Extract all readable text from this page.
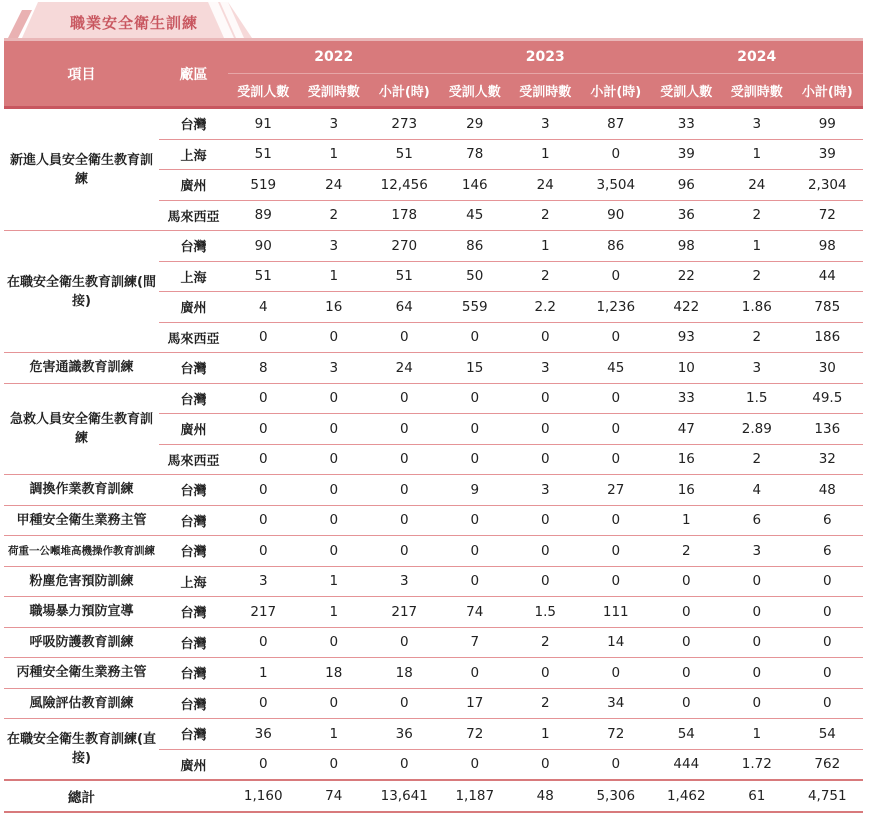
職業安全衛生訓練
項目	廠區	2022			2023			2024		
		受訓人數	受訓時數	小計(時)	受訓人數	受訓時數	小計(時)	受訓人數	受訓時數	小計(時)
新進人員安全衛生教育訓練	台灣	91	3	273	29	3	87	33	3	99
	上海	51	1	51	78	1	0	39	1	39
	廣州	519	24	12,456	146	24	3,504	96	24	2,304
	馬來西亞	89	2	178	45	2	90	36	2	72
在職安全衛生教育訓練(間接)	台灣	90	3	270	86	1	86	98	1	98
	上海	51	1	51	50	2	0	22	2	44
	廣州	4	16	64	559	2.2	1,236	422	1.86	785
	馬來西亞	0	0	0	0	0	0	93	2	186
危害通識教育訓練	台灣	8	3	24	15	3	45	10	3	30
急救人員安全衛生教育訓練	台灣	0	0	0	0	0	0	33	1.5	49.5
	廣州	0	0	0	0	0	0	47	2.89	136
	馬來西亞	0	0	0	0	0	0	16	2	32
調換作業教育訓練	台灣	0	0	0	9	3	27	16	4	48
甲種安全衛生業務主管	台灣	0	0	0	0	0	0	1	6	6
荷重一公噸堆高機操作教育訓練	台灣	0	0	0	0	0	0	2	3	6
粉塵危害預防訓練	上海	3	1	3	0	0	0	0	0	0
職場暴力預防宣導	台灣	217	1	217	74	1.5	111	0	0	0
呼吸防護教育訓練	台灣	0	0	0	7	2	14	0	0	0
丙種安全衛生業務主管	台灣	1	18	18	0	0	0	0	0	0
風險評估教育訓練	台灣	0	0	0	17	2	34	0	0	0
在職安全衛生教育訓練(直接)	台灣	36	1	36	72	1	72	54	1	54
	廣州	0	0	0	0	0	0	444	1.72	762
總計		1,160	74	13,641	1,187	48	5,306	1,462	61	4,751
